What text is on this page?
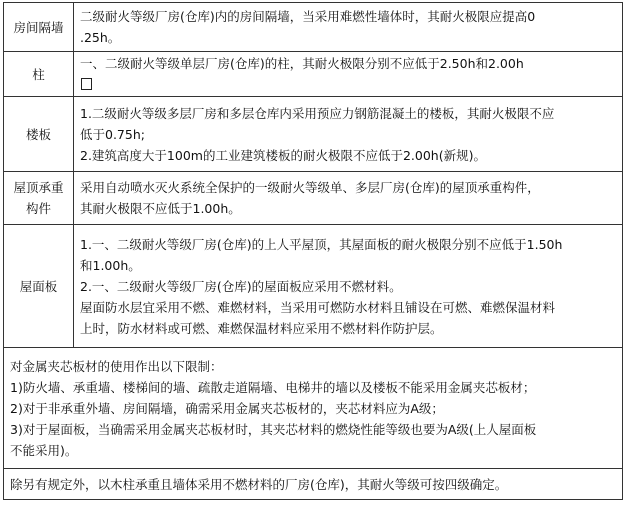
房间隔墙	二级耐火等级厂房(仓库)内的房间隔墙，当采用难燃性墙体时，其耐火极限应提高0
.25h。

柱	一、二级耐火等级单层厂房(仓库)的柱，其耐火极限分别不应低于2.50h和2.00h

楼板	1.二级耐火等级多层厂房和多层仓库内采用预应力钢筋混凝土的楼板，其耐火极限不应
低于0.75h;
2.建筑高度大于100m的工业建筑楼板的耐火极限不应低于2.00h(新规)。

屋顶承重
构件	采用自动喷水灭火系统全保护的一级耐火等级单、多层厂房(仓库)的屋顶承重构件，
其耐火极限不应低于1.00h。

屋面板	1.一、二级耐火等级厂房(仓库)的上人平屋顶，其屋面板的耐火极限分别不应低于1.50h
和1.00h。
2.一、二级耐火等级厂房(仓库)的屋面板应采用不燃材料。
屋面防水层宜采用不燃、难燃材料，当采用可燃防水材料且铺设在可燃、难燃保温材料
上时，防水材料或可燃、难燃保温材料应采用不燃材料作防护层。

对金属夹芯板材的使用作出以下限制：
1)防火墙、承重墙、楼梯间的墙、疏散走道隔墙、电梯井的墙以及楼板不能采用金属夹芯板材；
2)对于非承重外墙、房间隔墙，确需采用金属夹芯板材的，夹芯材料应为A级；
3)对于屋面板，当确需采用金属夹芯板材时，其夹芯材料的燃烧性能等级也要为A级(上人屋面板
不能采用)。	

除另有规定外，以木柱承重且墙体采用不燃材料的厂房(仓库)，其耐火等级可按四级确定。	
